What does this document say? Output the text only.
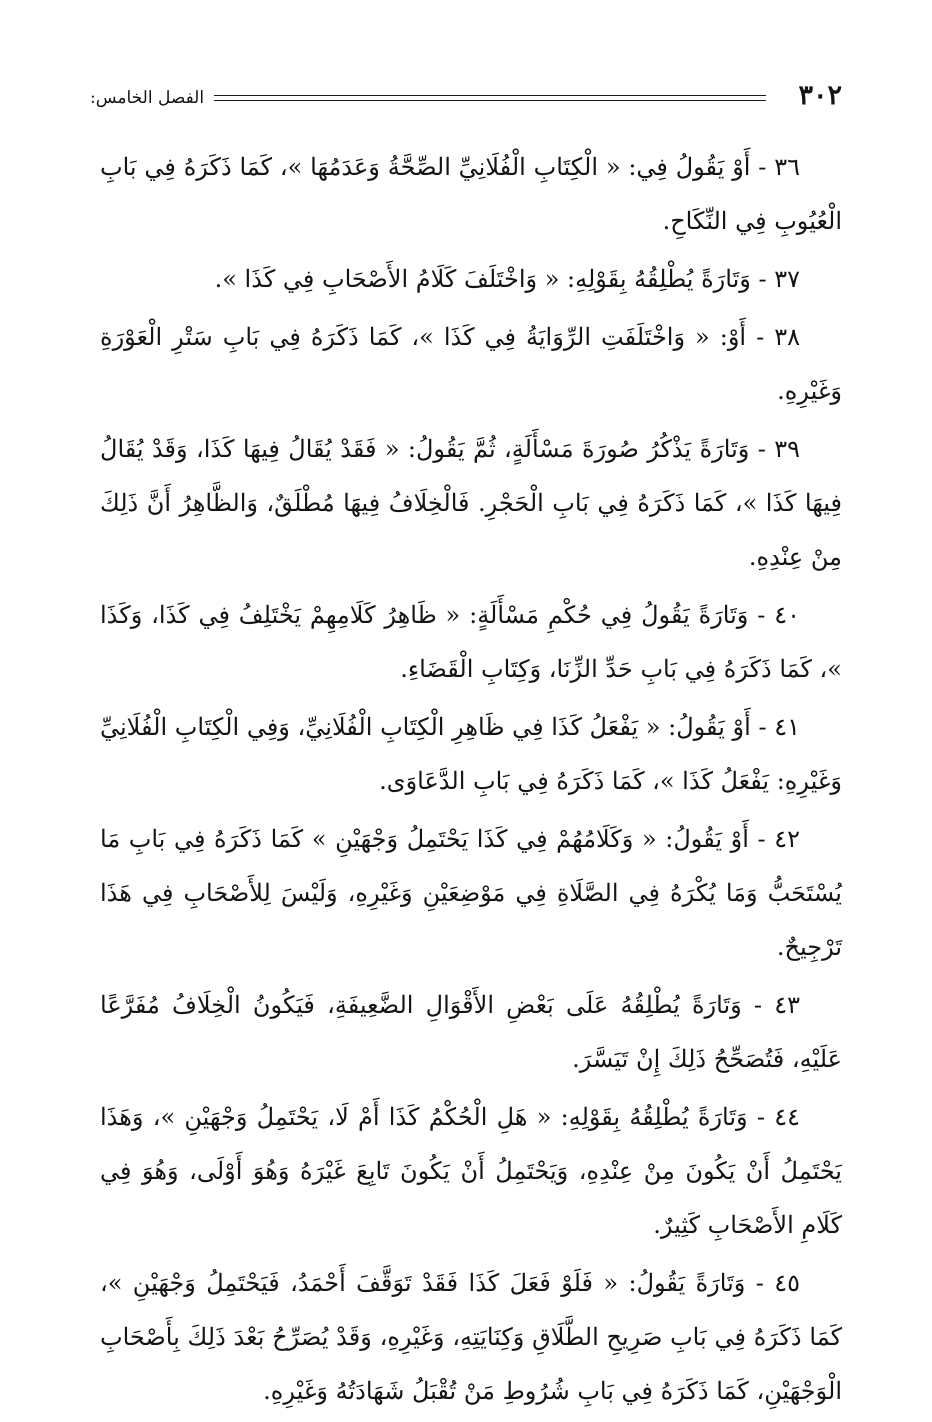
٣٠٢
الفصل الخامس:

٣٦ - أَوْ يَقُولُ فِي: « الْكِتَابِ الْفُلَانِيِّ الصِّحَّةُ وَعَدَمُهَا »، كَمَا ذَكَرَهُ فِي بَابِ الْعُيُوبِ فِي النِّكَاحِ.

٣٧ - وَتَارَةً يُطْلِقُهُ بِقَوْلِهِ: « وَاخْتَلَفَ كَلَامُ الأَصْحَابِ فِي كَذَا ».

٣٨ - أَوْ: « وَاخْتَلَفَتِ الرِّوَايَةُ فِي كَذَا »، كَمَا ذَكَرَهُ فِي بَابِ سَتْرِ الْعَوْرَةِ وَغَيْرِهِ.

٣٩ - وَتَارَةً يَذْكُرُ صُورَةَ مَسْأَلَةٍ، ثُمَّ يَقُولُ: « فَقَدْ يُقَالُ فِيهَا كَذَا، وَقَدْ يُقَالُ فِيهَا كَذَا »، كَمَا ذَكَرَهُ فِي بَابِ الْحَجْرِ. فَالْخِلَافُ فِيهَا مُطْلَقٌ، وَالظَّاهِرُ أَنَّ ذَلِكَ مِنْ عِنْدِهِ.

٤٠ - وَتَارَةً يَقُولُ فِي حُكْمِ مَسْأَلَةٍ: « ظَاهِرُ كَلَامِهِمْ يَخْتَلِفُ فِي كَذَا، وَكَذَا »، كَمَا ذَكَرَهُ فِي بَابِ حَدِّ الزِّنَا، وَكِتَابِ الْقَضَاءِ.

٤١ - أَوْ يَقُولُ: « يَفْعَلُ كَذَا فِي ظَاهِرِ الْكِتَابِ الْفُلَانِيِّ، وَفِي الْكِتَابِ الْفُلَانِيِّ وَغَيْرِهِ: يَفْعَلُ كَذَا »، كَمَا ذَكَرَهُ فِي بَابِ الدَّعَاوَى.

٤٢ - أَوْ يَقُولُ: « وَكَلَامُهُمْ فِي كَذَا يَحْتَمِلُ وَجْهَيْنِ » كَمَا ذَكَرَهُ فِي بَابِ مَا يُسْتَحَبُّ وَمَا يُكْرَهُ فِي الصَّلَاةِ فِي مَوْضِعَيْنِ وَغَيْرِهِ، وَلَيْسَ لِلأَصْحَابِ فِي هَذَا تَرْجِيحٌ.

٤٣ - وَتَارَةً يُطْلِقُهُ عَلَى بَعْضِ الأَقْوَالِ الضَّعِيفَةِ، فَيَكُونُ الْخِلَافُ مُفَرَّعًا عَلَيْهِ، فَتُصَحِّحُ ذَلِكَ إِنْ تَيَسَّرَ.

٤٤ - وَتَارَةً يُطْلِقُهُ بِقَوْلِهِ: « هَلِ الْحُكْمُ كَذَا أَمْ لَا، يَحْتَمِلُ وَجْهَيْنِ »، وَهَذَا يَحْتَمِلُ أَنْ يَكُونَ مِنْ عِنْدِهِ، وَيَحْتَمِلُ أَنْ يَكُونَ تَابِعَ غَيْرَهُ وَهُوَ أَوْلَى، وَهُوَ فِي كَلَامِ الأَصْحَابِ كَثِيرٌ.

٤٥ - وَتَارَةً يَقُولُ: « فَلَوْ فَعَلَ كَذَا فَقَدْ تَوَقَّفَ أَحْمَدُ، فَيَحْتَمِلُ وَجْهَيْنِ »، كَمَا ذَكَرَهُ فِي بَابِ صَرِيحِ الطَّلَاقِ وَكِنَايَتِهِ، وَغَيْرِهِ، وَقَدْ يُصَرِّحُ بَعْدَ ذَلِكَ بِأَصْحَابِ الْوَجْهَيْنِ، كَمَا ذَكَرَهُ فِي بَابِ شُرُوطِ مَنْ تُقْبَلُ شَهَادَتُهُ وَغَيْرِهِ.
